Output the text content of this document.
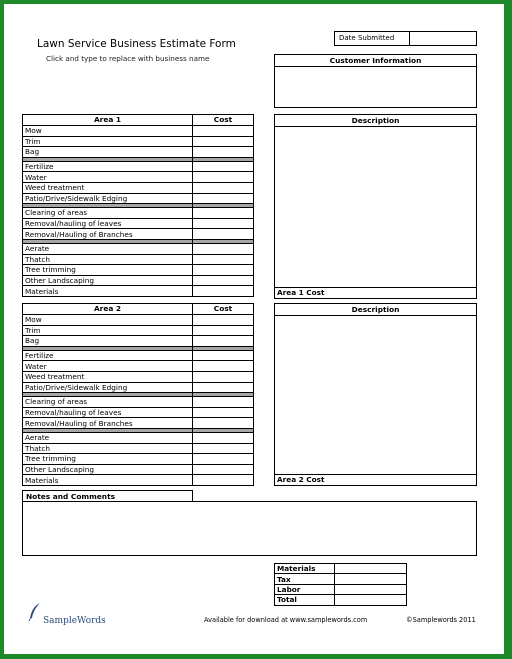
Lawn Service Business Estimate Form
Click and type to replace with business name
Date Submitted
Customer Information
Area 1	Cost
Mow	
Trim	
Bag	

Fertilize	
Water	
Weed treatment	
Patio/Drive/Sidewalk Edging	

Clearing of areas	
Removal/hauling of leaves	
Removal/Hauling of Branches	

Aerate	
Thatch	
Tree trimming	
Other Landscaping	
Materials	
Description
Area 1 Cost
Area 2	Cost
Mow	
Trim	
Bag	

Fertilize	
Water	
Weed treatment	
Patio/Drive/Sidewalk Edging	

Clearing of areas	
Removal/hauling of leaves	
Removal/Hauling of Branches	

Aerate	
Thatch	
Tree trimming	
Other Landscaping	
Materials	
Description
Area 2 Cost
Notes and Comments
Materials	
Tax	
Labor	
Total	
SampleWords	Available for download at www.samplewords.com	©Samplewords 2011
